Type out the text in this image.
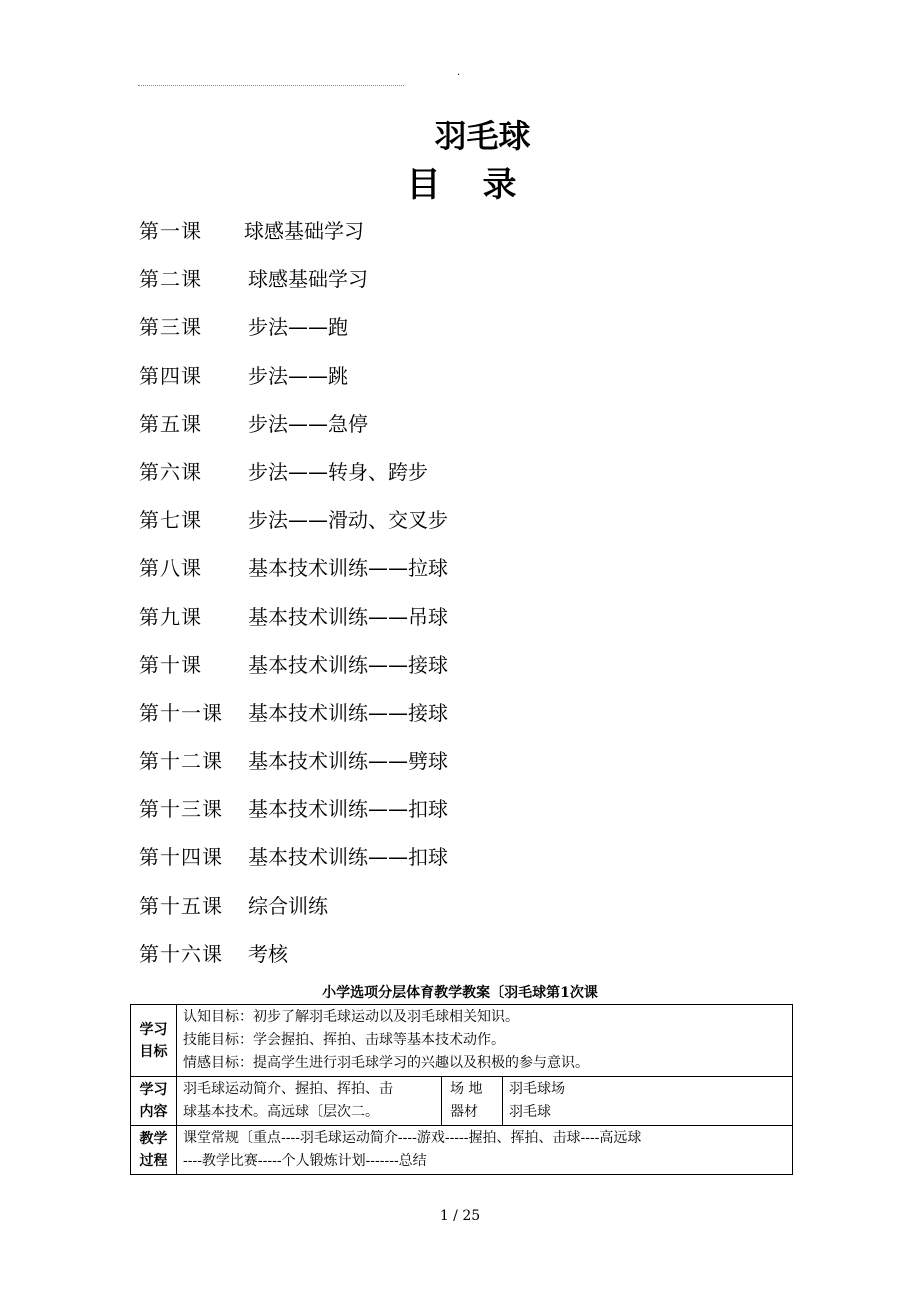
.
羽毛球
目录
第一课 球感基础学习
第二课 球感基础学习
第三课 步法——跑
第四课 步法——跳
第五课 步法——急停
第六课 步法——转身、跨步
第七课 步法——滑动、交叉步
第八课 基本技术训练——拉球
第九课 基本技术训练——吊球
第十课 基本技术训练——接球
第十一课 基本技术训练——接球
第十二课 基本技术训练——劈球
第十三课 基本技术训练——扣球
第十四课 基本技术训练——扣球
第十五课 综合训练
第十六课 考核
小学选项分层体育教学教案〔羽毛球第1次课
学习目标	认知目标：初步了解羽毛球运动以及羽毛球相关知识。
技能目标：学会握拍、挥拍、击球等基本技术动作。
情感目标：提高学生进行羽毛球学习的兴趣以及积极的参与意识。		

学习内容	羽毛球运动简介、握拍、挥拍、击
球基本技术。高远球〔层次二。	场 地器材	羽毛球场
羽毛球

教学过程	课堂常规〔重点----羽毛球运动简介----游戏-----握拍、挥拍、击球----高远球
----教学比赛-----个人锻炼计划-------总结		
1 / 25
